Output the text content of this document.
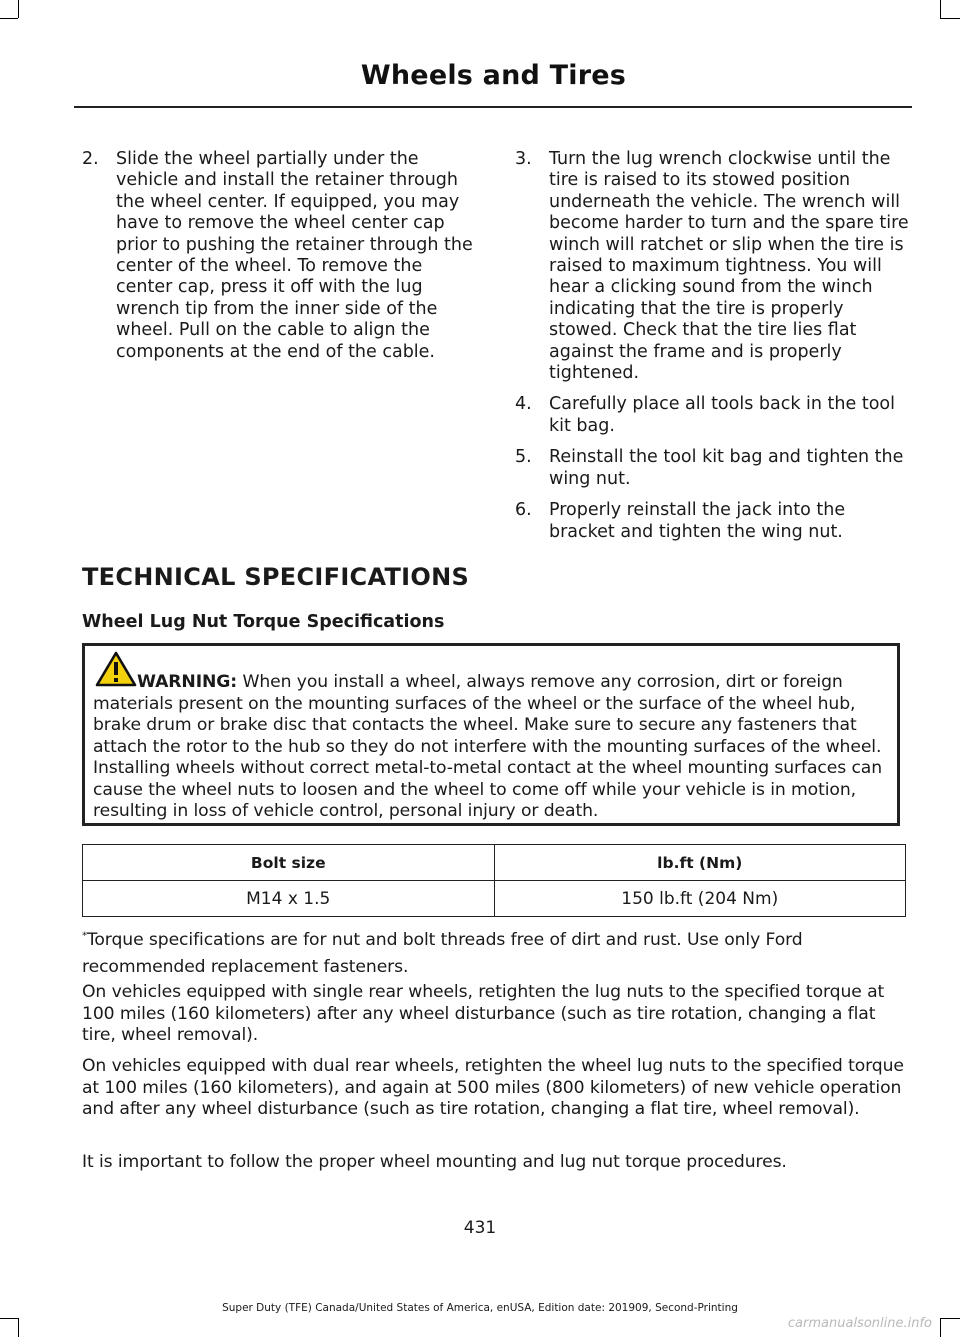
Wheels and Tires
2. Slide the wheel partially under the vehicle and install the retainer through the wheel center. If equipped, you may have to remove the wheel center cap prior to pushing the retainer through the center of the wheel. To remove the center cap, press it off with the lug wrench tip from the inner side of the wheel. Pull on the cable to align the components at the end of the cable.
3. Turn the lug wrench clockwise until the tire is raised to its stowed position underneath the vehicle. The wrench will become harder to turn and the spare tire winch will ratchet or slip when the tire is raised to maximum tightness. You will hear a clicking sound from the winch indicating that the tire is properly stowed. Check that the tire lies flat against the frame and is properly tightened.
4. Carefully place all tools back in the tool kit bag.
5. Reinstall the tool kit bag and tighten the wing nut.
6. Properly reinstall the jack into the bracket and tighten the wing nut.
TECHNICAL SPECIFICATIONS
Wheel Lug Nut Torque Specifications
WARNING: When you install a wheel, always remove any corrosion, dirt or foreign materials present on the mounting surfaces of the wheel or the surface of the wheel hub, brake drum or brake disc that contacts the wheel. Make sure to secure any fasteners that attach the rotor to the hub so they do not interfere with the mounting surfaces of the wheel. Installing wheels without correct metal-to-metal contact at the wheel mounting surfaces can cause the wheel nuts to loosen and the wheel to come off while your vehicle is in motion, resulting in loss of vehicle control, personal injury or death.
Bolt size	lb.ft (Nm)
M14 x 1.5	150 lb.ft (204 Nm)
*Torque specifications are for nut and bolt threads free of dirt and rust. Use only Ford recommended replacement fasteners.
On vehicles equipped with single rear wheels, retighten the lug nuts to the specified torque at 100 miles (160 kilometers) after any wheel disturbance (such as tire rotation, changing a flat tire, wheel removal).
On vehicles equipped with dual rear wheels, retighten the wheel lug nuts to the specified torque at 100 miles (160 kilometers), and again at 500 miles (800 kilometers) of new vehicle operation and after any wheel disturbance (such as tire rotation, changing a flat tire, wheel removal).
It is important to follow the proper wheel mounting and lug nut torque procedures.
431
Super Duty (TFE) Canada/United States of America, enUSA, Edition date: 201909, Second-Printing
carmanualsonline.info
